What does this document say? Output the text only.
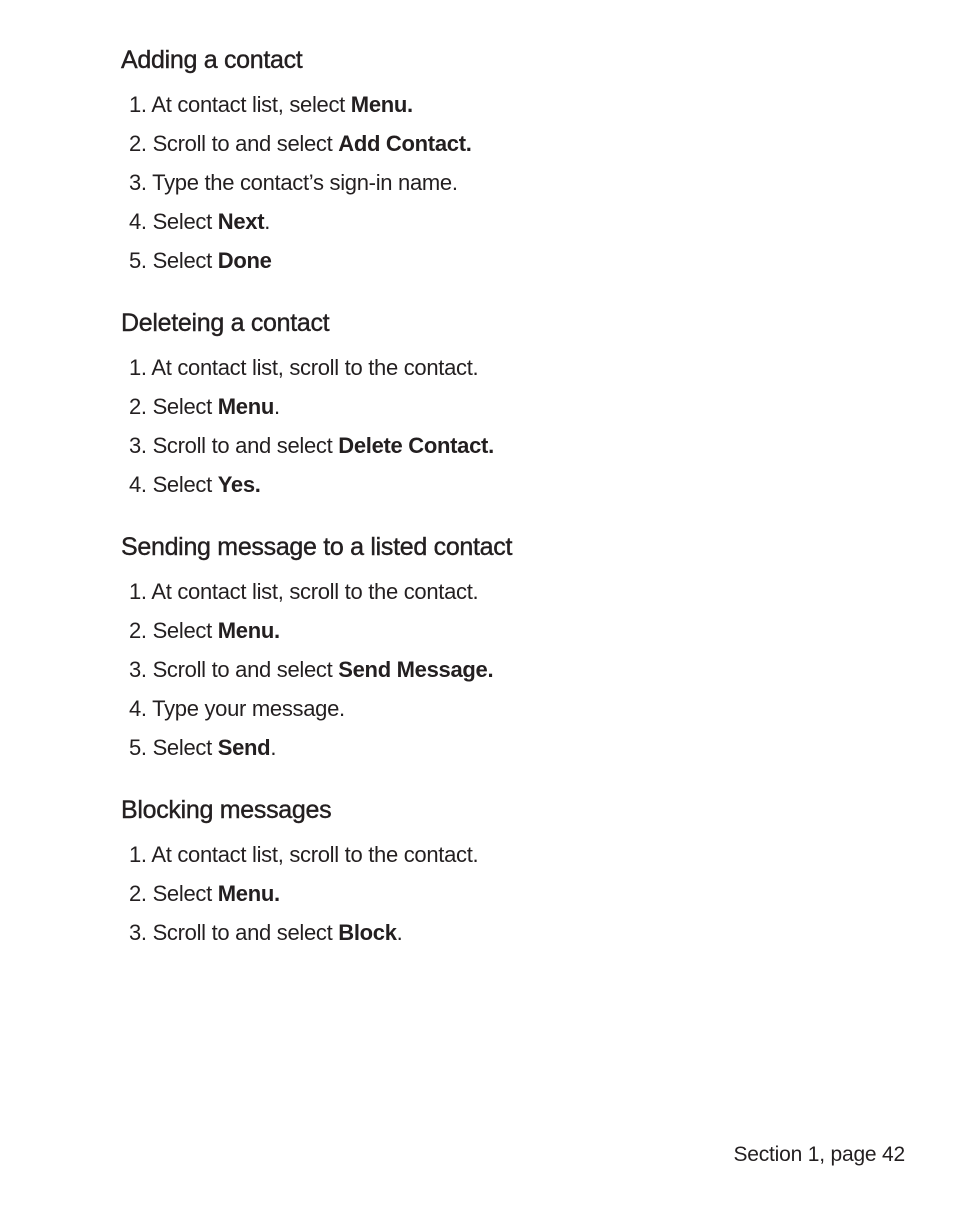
Adding a contact
1. At contact list, select Menu.
2. Scroll to and select Add Contact.
3. Type the contact’s sign-in name.
4. Select Next.
5. Select Done
Deleteing a contact
1. At contact list, scroll to the contact.
2. Select Menu.
3. Scroll to and select Delete Contact.
4. Select Yes.
Sending message to a listed contact
1. At contact list, scroll to the contact.
2. Select Menu.
3. Scroll to and select Send Message.
4. Type your message.
5. Select Send.
Blocking messages
1. At contact list, scroll to the contact.
2. Select Menu.
3. Scroll to and select Block.
Section 1, page 42
